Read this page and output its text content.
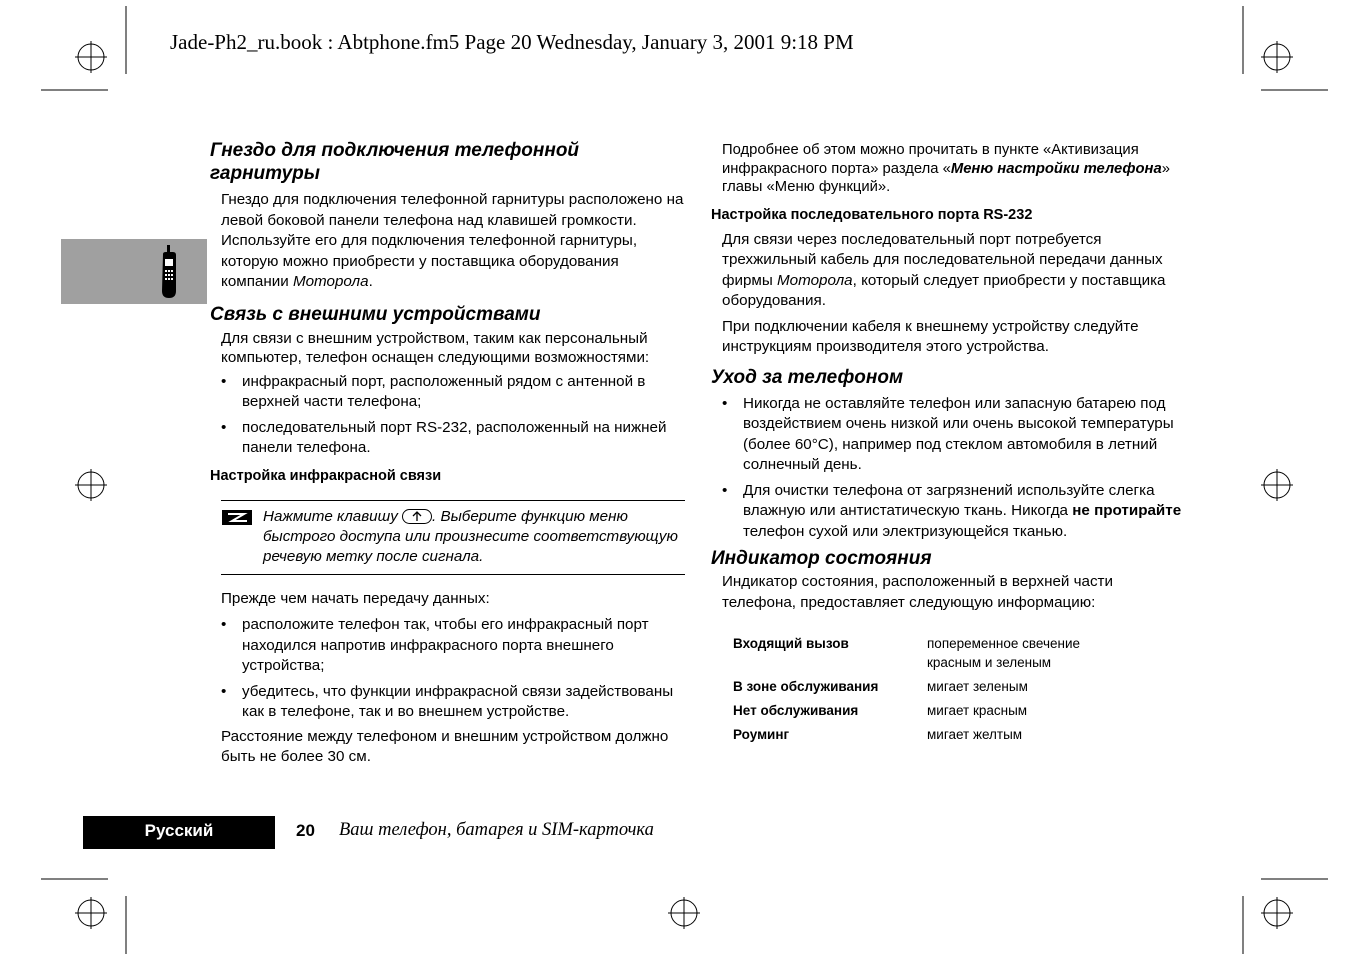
Jade-Ph2_ru.book : Abtphone.fm5 Page 20 Wednesday, January 3, 2001 9:18 PM
Гнездо для подключения телефонной гарнитуры

Гнездо для подключения телефонной гарнитуры расположено на левой боковой панели телефона над клавишей громкости. Используйте его для подключения телефонной гарнитуры, которую можно приобрести у поставщика оборудования компании Моторола.

Связь с внешними устройствами

Для связи с внешним устройством, таким как персональный компьютер, телефон оснащен следующими возможностями:

• инфракрасный порт, расположенный рядом с антенной в верхней части телефона;
• последовательный порт RS-232, расположенный на нижней панели телефона.
Настройка инфракрасной связи
Нажмите клавишу
. Выберите функцию меню быстрого доступа или произнесите соответствующую речевую метку после сигнала.

Прежде чем начать передачу данных:

• расположите телефон так, чтобы его инфракрасный порт находился напротив инфракрасного порта внешнего устройства;
• убедитесь, что функции инфракрасной связи задействованы как в телефоне, так и во внешнем устройстве.

Расстояние между телефоном и внешним устройством должно быть не более 30 см.

Подробнее об этом можно прочитать в пункте «Активизация инфракрасного порта» раздела «Меню настройки телефона» главы «Меню функций».

Настройка последовательного порта RS-232

Для связи через последовательный порт потребуется трехжильный кабель для последовательной передачи данных фирмы Моторола, который следует приобрести у поставщика оборудования.

При подключении кабеля к внешнему устройству следуйте инструкциям производителя этого устройства.

Уход за телефоном
• Никогда не оставляйте телефон или запасную батарею под воздействием очень низкой или очень высокой температуры (более 60°C), например под стеклом автомобиля в летний солнечный день.
• Для очистки телефона от загрязнений используйте слегка влажную или антистатическую ткань. Никогда не протирайте телефон сухой или электризующейся тканью.
Индикатор состояния

Индикатор состояния, расположенный в верхней части телефона, предоставляет следующую информацию:

Входящий вызов	попеременное свечение красным и зеленым
В зоне обслуживания	мигает зеленым
Нет обслуживания	мигает красным
Роуминг	мигает желтым
Русский	20 Ваш телефон, батарея и SIM-карточка
